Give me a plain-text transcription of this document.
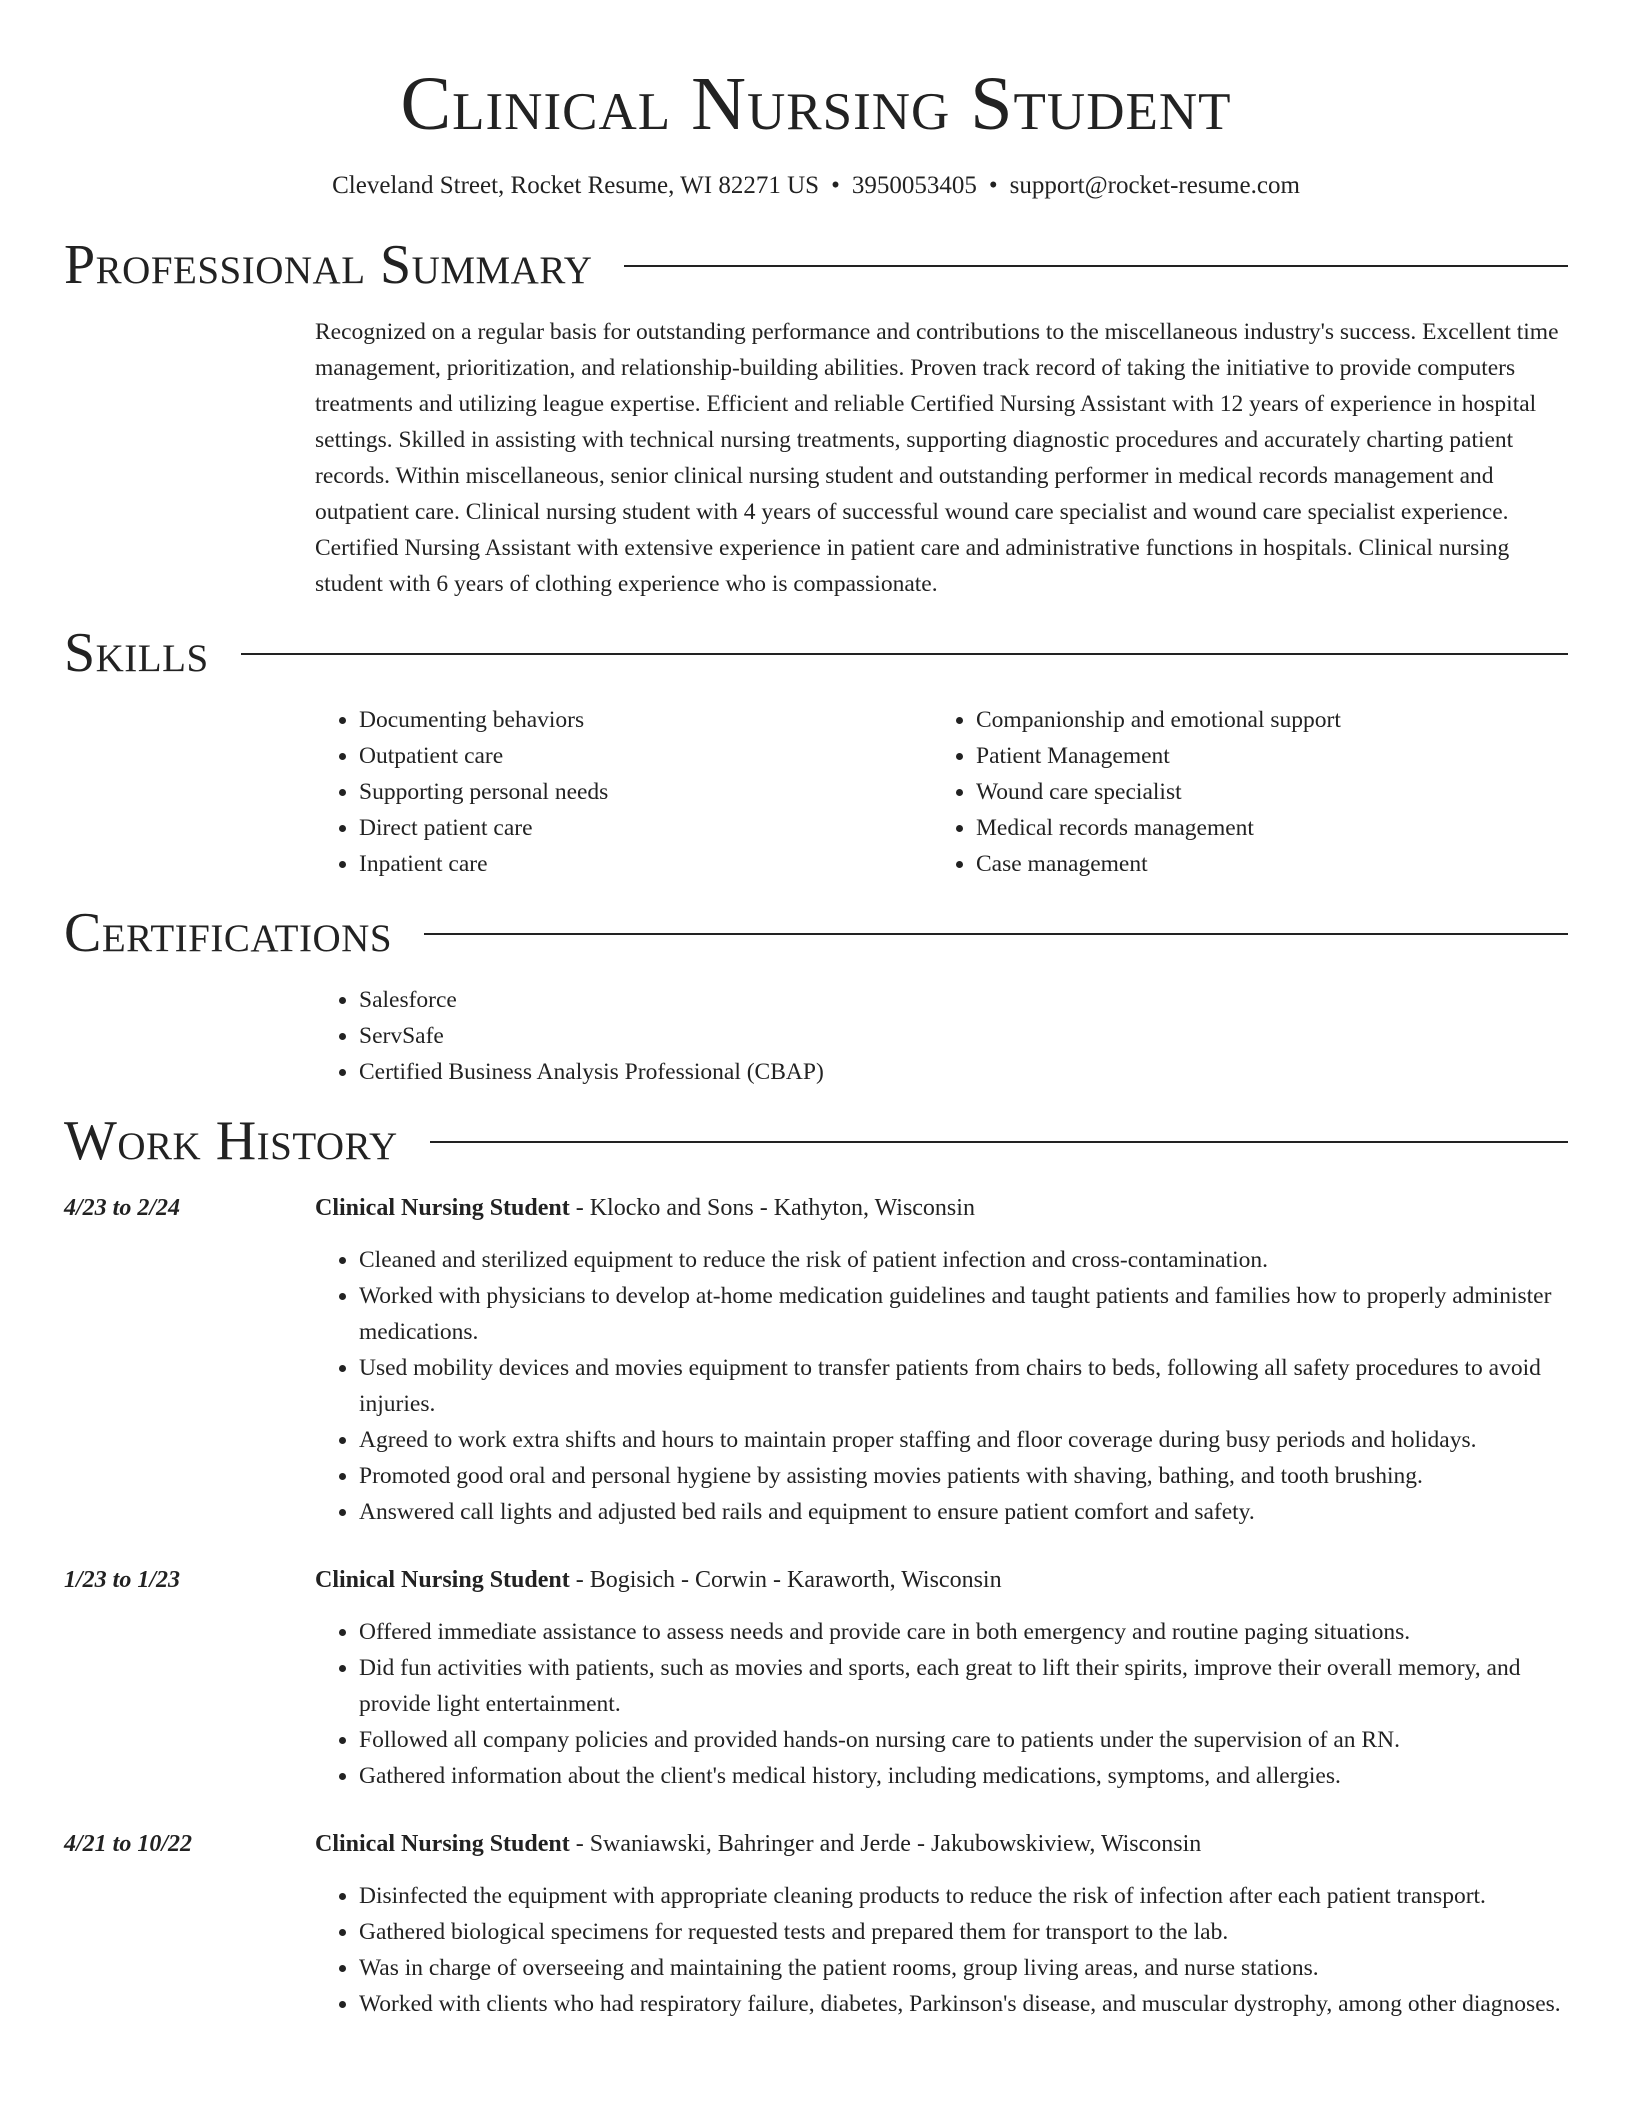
Clinical Nursing Student
Cleveland Street, Rocket Resume, WI 82271 US • 3950053405 • support@rocket-resume.com
Professional Summary

Recognized on a regular basis for outstanding performance and contributions to the miscellaneous industry's success. Excellent time management, prioritization, and relationship-building abilities. Proven track record of taking the initiative to provide computers treatments and utilizing league expertise. Efficient and reliable Certified Nursing Assistant with 12 years of experience in hospital settings. Skilled in assisting with technical nursing treatments, supporting diagnostic procedures and accurately charting patient records. Within miscellaneous, senior clinical nursing student and outstanding performer in medical records management and outpatient care. Clinical nursing student with 4 years of successful wound care specialist and wound care specialist experience. Certified Nursing Assistant with extensive experience in patient care and administrative functions in hospitals. Clinical nursing student with 6 years of clothing experience who is compassionate.

Skills
• Documenting behaviors
• Outpatient care
• Supporting personal needs
• Direct patient care
• Inpatient care
• Companionship and emotional support
• Patient Management
• Wound care specialist
• Medical records management
• Case management
Certifications
• Salesforce
• ServSafe
• Certified Business Analysis Professional (CBAP)
Work History
4/23 to 2/24	Clinical Nursing Student - Klocko and Sons - Kathyton, Wisconsin
• Cleaned and sterilized equipment to reduce the risk of patient infection and cross-contamination.
• Worked with physicians to develop at-home medication guidelines and taught patients and families how to properly administer medications.
• Used mobility devices and movies equipment to transfer patients from chairs to beds, following all safety procedures to avoid injuries.
• Agreed to work extra shifts and hours to maintain proper staffing and floor coverage during busy periods and holidays.
• Promoted good oral and personal hygiene by assisting movies patients with shaving, bathing, and tooth brushing.
• Answered call lights and adjusted bed rails and equipment to ensure patient comfort and safety.
1/23 to 1/23	Clinical Nursing Student - Bogisich - Corwin - Karaworth, Wisconsin
• Offered immediate assistance to assess needs and provide care in both emergency and routine paging situations.
• Did fun activities with patients, such as movies and sports, each great to lift their spirits, improve their overall memory, and provide light entertainment.
• Followed all company policies and provided hands-on nursing care to patients under the supervision of an RN.
• Gathered information about the client's medical history, including medications, symptoms, and allergies.
4/21 to 10/22	Clinical Nursing Student - Swaniawski, Bahringer and Jerde - Jakubowskiview, Wisconsin
• Disinfected the equipment with appropriate cleaning products to reduce the risk of infection after each patient transport.
• Gathered biological specimens for requested tests and prepared them for transport to the lab.
• Was in charge of overseeing and maintaining the patient rooms, group living areas, and nurse stations.
• Worked with clients who had respiratory failure, diabetes, Parkinson's disease, and muscular dystrophy, among other diagnoses.
